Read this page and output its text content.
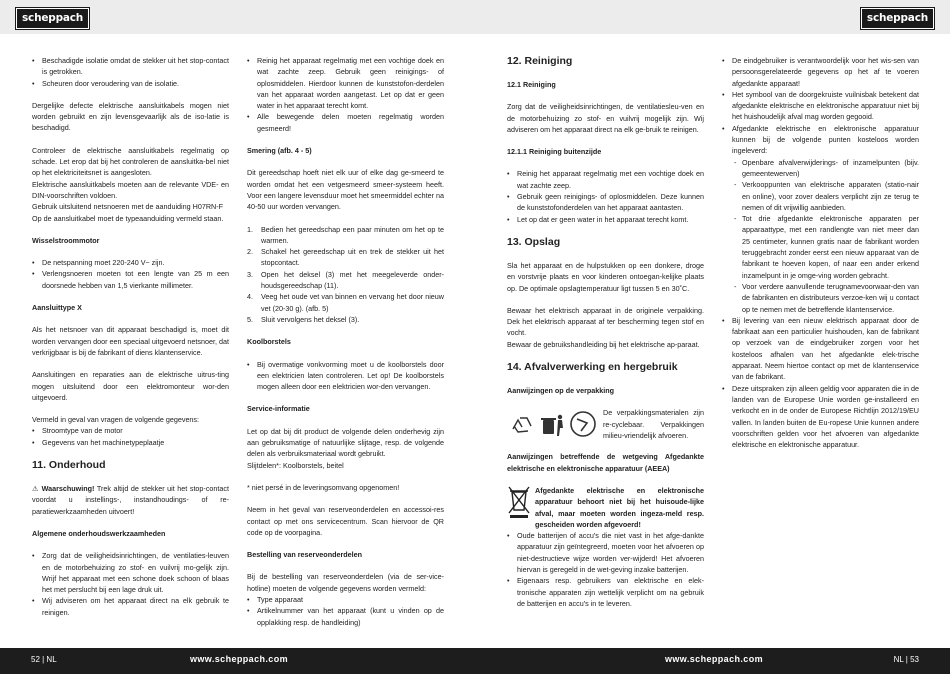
scheppach	scheppach
• Beschadigde isolatie omdat de stekker uit het stop-contact is getrokken.
• Scheuren door veroudering van de isolatie.

Dergelijke defecte elektrische aansluitkabels mogen niet worden gebruikt en zijn levensgevaarlijk als de iso-latie is beschadigd.

Controleer de elektrische aansluitkabels regelmatig op schade. Let erop dat bij het controleren de aansluitka-bel niet op het elektriciteitsnet is aangesloten.

Elektrische aansluitkabels moeten aan de relevante VDE- en DIN-voorschriften voldoen.

Gebruik uitsluitend netsnoeren met de aanduiding H07RN-F

Op de aansluitkabel moet de typeaanduiding vermeld staan.

Wisselstroommotor

• De netspanning moet 220-240 V~ zijn.
• Verlengsnoeren moeten tot een lengte van 25 m een doorsnede hebben van 1,5 vierkante millimeter.

Aansluittype X

Als het netsnoer van dit apparaat beschadigd is, moet dit worden vervangen door een speciaal uitgevoerd netsnoer, dat verkrijgbaar is bij de fabrikant of diens klantenservice.

Aansluitingen en reparaties aan de elektrische uitrus-ting mogen uitsluitend door een elektromonteur wor-den uitgevoerd.

Vermeld in geval van vragen de volgende gegevens:

• Stroomtype van de motor
• Gegevens van het machinetypeplaatje

11. Onderhoud

⚠ Waarschuwing! Trek altijd de stekker uit het stop-contact voordat u instellings-, instandhoudings- of re-paratiewerkzaamheden uitvoert!

Algemene onderhoudswerkzaamheden

• Zorg dat de veiligheidsinrichtingen, de ventilaties-leuven en de motorbehuizing zo stof- en vuilvrij mo-gelijk zijn. Wrijf het apparaat met een schone doek schoon of blaas het met perslucht bij een lage druk uit.
• Wij adviseren om het apparaat direct na elk gebruik te reinigen.
• Reinig het apparaat regelmatig met een vochtige doek en wat zachte zeep. Gebruik geen reinigings- of oplosmiddelen. Hierdoor kunnen de kunststofon-derdelen van het apparaat worden aangetast. Let op dat er geen water in het apparaat terecht komt.
• Alle bewegende delen moeten regelmatig worden gesmeerd!

Smering (afb. 4 - 5)

Dit gereedschap hoeft niet elk uur of elke dag ge-smeerd te worden omdat het een vetgesmeerd smeer-systeem heeft. Voor een langere levensduur moet het smeermiddel echter na 40-50 uur worden vervangen.

1. Bedien het gereedschap een paar minuten om het op te warmen.
2. Schakel het gereedschap uit en trek de stekker uit het stopcontact.
3. Open het deksel (3) met het meegeleverde onder-houdsgereedschap (11).
4. Veeg het oude vet van binnen en vervang het door nieuw vet (20-30 g). (afb. 5)
5. Sluit vervolgens het deksel (3).

Koolborstels

• Bij overmatige vonkvorming moet u de koolborstels door een elektricien laten controleren. Let op! De koolborstels mogen alleen door een elektricien wor-den vervangen.

Service-informatie

Let op dat bij dit product de volgende delen onderhevig zijn aan gebruiksmatige of natuurlijke slijtage, resp. de volgende delen als verbruiksmateriaal wordt gebruikt.

Slijtdelen*: Koolborstels, beitel

* niet persé in de leveringsomvang opgenomen!

Neem in het geval van reserveonderdelen en accessoi-res contact op met ons servicecentrum. Scan hiervoor de QR code op de voorpagina.

Bestelling van reserveonderdelen

Bij de bestelling van reserveonderdelen (via de ser-vice-hotline) moeten de volgende gegevens worden vermeld:

• Type apparaat
• Artikelnummer van het apparaat (kunt u vinden op de opplakking resp. de handleiding)

12. Reiniging

12.1 Reiniging

Zorg dat de veiligheidsinrichtingen, de ventilatiesleu-ven en de motorbehuizing zo stof- en vuilvrij mogelijk zijn. Wij adviseren om het apparaat direct na elk ge-bruik te reinigen.

12.1.1 Reiniging buitenzijde

• Reinig het apparaat regelmatig met een vochtige doek en wat zachte zeep.
• Gebruik geen reinigings- of oplosmiddelen. Deze kunnen de kunststofonderdelen van het apparaat aantasten.
• Let op dat er geen water in het apparaat terecht komt.

13. Opslag

Sla het apparaat en de hulpstukken op een donkere, droge en vorstvrije plaats en voor kinderen ontoegan-kelijke plaats op. De optimale opslagtemperatuur ligt tussen 5 en 30˚C.

Bewaar het elektrisch apparaat in de originele verpakking. Dek het elektrisch apparaat af ter bescherming tegen stof en vocht.

Bewaar de gebruikshandleiding bij het elektrische ap-paraat.

14. Afvalverwerking en hergebruik

Aanwijzingen op de verpakking

De verpakkingsmaterialen zijn re-cyclebaar. Verpakkingen milieu-vriendelijk afvoeren.

Aanwijzingen betreffende de wetgeving Afgedankte elektrische en elektronische apparatuur (AEEA)

Afgedankte elektrische en elektronische apparatuur behoort niet bij het huisoude-lijke afval, maar moeten worden ingeza-meld resp. gescheiden worden afgevoerd!
• Oude batterijen of accu's die niet vast in het afge-dankte apparatuur zijn geïntegreerd, moeten voor het afvoeren op niet-destructieve wijze worden ver-wijderd! Het afvoeren hiervan is geregeld in de wet-geving inzake batterijen.
• Eigenaars resp. gebruikers van elektrische en elek-tronische apparaten zijn wettelijk verplicht om na gebruik de batterijen en accu's in te leveren.
• De eindgebruiker is verantwoordelijk voor het wis-sen van persoonsgerelateerde gegevens op het af te voeren afgedankte apparaat!
• Het symbool van de doorgekruiste vuilnisbak betekent dat afgedankte elektrische en elektronische apparatuur niet bij het huishoudelijk afval mag worden gegooid.
• Afgedankte elektrische en elektronische apparatuur kunnen bij de volgende punten kosteloos worden ingeleverd:
- Openbare afvalverwijderings- of inzamelpunten (bijv. gemeentewerven)
- Verkooppunten van elektrische apparaten (statio-nair en online), voor zover dealers verplicht zijn ze terug te nemen of dit vrijwillig aanbieden.
- Tot drie afgedankte elektronische apparaten per apparaattype, met een randlengte van niet meer dan 25 centimeter, kunnen gratis naar de fabrikant worden teruggebracht zonder eerst een nieuw apparaat van de fabrikant te hoeven kopen, of naar een ander erkend inzamelpunt in je omge-ving worden gebracht.
- Voor verdere aanvullende terugnamevoorwaar-den van de fabrikanten en distributeurs verzoe-ken wij u contact op te nemen met de betreffende klantenservice.
• Bij levering van een nieuw elektrisch apparaat door de fabrikaat aan een particulier huishouden, kan de fabrikant op verzoek van de eindgebruiker zorgen voor het kosteloos afhalen van het afgedankte elek-trische apparaat. Neem hiertoe contact op met de klantenservice van de fabrikant.
• Deze uitspraken zijn alleen geldig voor apparaten die in de landen van de Europese Unie worden ge-installeerd en verkocht en in de onder de Europese Richtlijn 2012/19/EU vallen. In landen buiten de Eu-ropese Unie kunnen andere voorschriften gelden voor het afvoeren van afgedankte elektrische en elektronische apparatuur.
52 | NL	www.scheppach.com	www.scheppach.com	NL | 53
